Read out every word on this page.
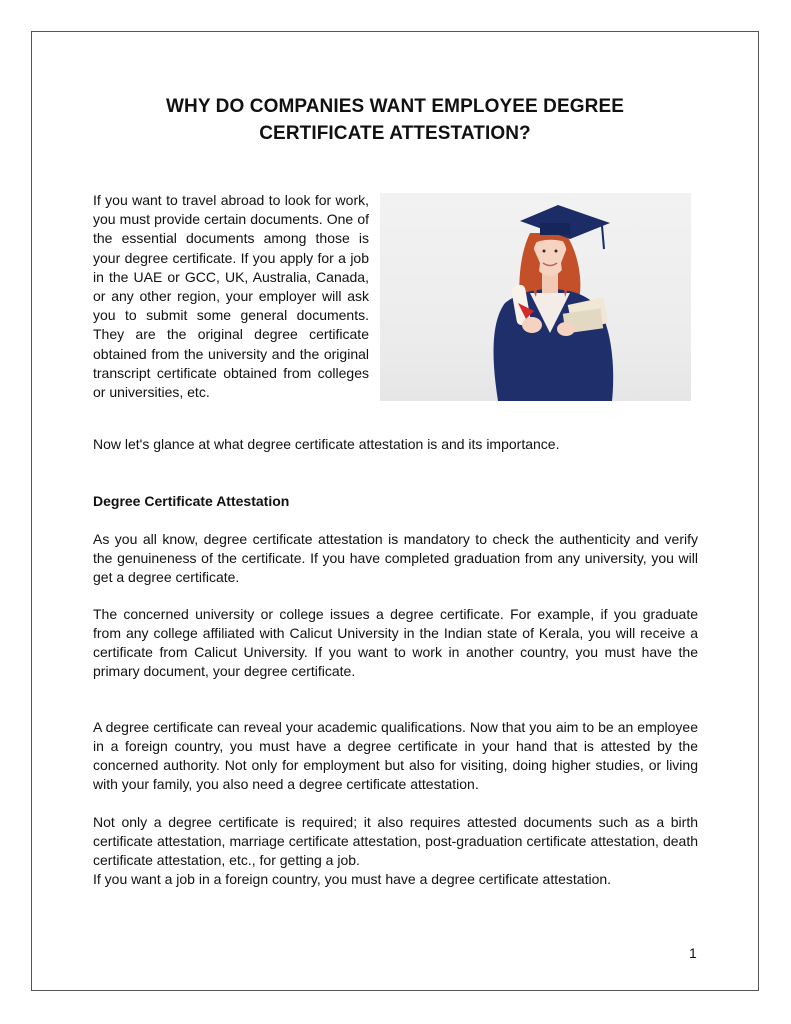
WHY DO COMPANIES WANT EMPLOYEE DEGREE
CERTIFICATE ATTESTATION?

If you want to travel abroad to look for work, you must provide certain documents. One of the essential documents among those is your degree certificate. If you apply for a job in the UAE or GCC, UK, Australia, Canada, or any other region, your employer will ask you to submit some general documents. They are the original degree certificate obtained from the university and the original transcript certificate obtained from colleges or universities, etc.

Now let's glance at what degree certificate attestation is and its importance.

Degree Certificate Attestation

As you all know, degree certificate attestation is mandatory to check the authenticity and verify the genuineness of the certificate. If you have completed graduation from any university, you will get a degree certificate.

The concerned university or college issues a degree certificate. For example, if you graduate from any college affiliated with Calicut University in the Indian state of Kerala, you will receive a certificate from Calicut University. If you want to work in another country, you must have the primary document, your degree certificate.

A degree certificate can reveal your academic qualifications. Now that you aim to be an employee in a foreign country, you must have a degree certificate in your hand that is attested by the concerned authority. Not only for employment but also for visiting, doing higher studies, or living with your family, you also need a degree certificate attestation.

Not only a degree certificate is required; it also requires attested documents such as a birth certificate attestation, marriage certificate attestation, post-graduation certificate attestation, death certificate attestation, etc., for getting a job.

If you want a job in a foreign country, you must have a degree certificate attestation.

1
